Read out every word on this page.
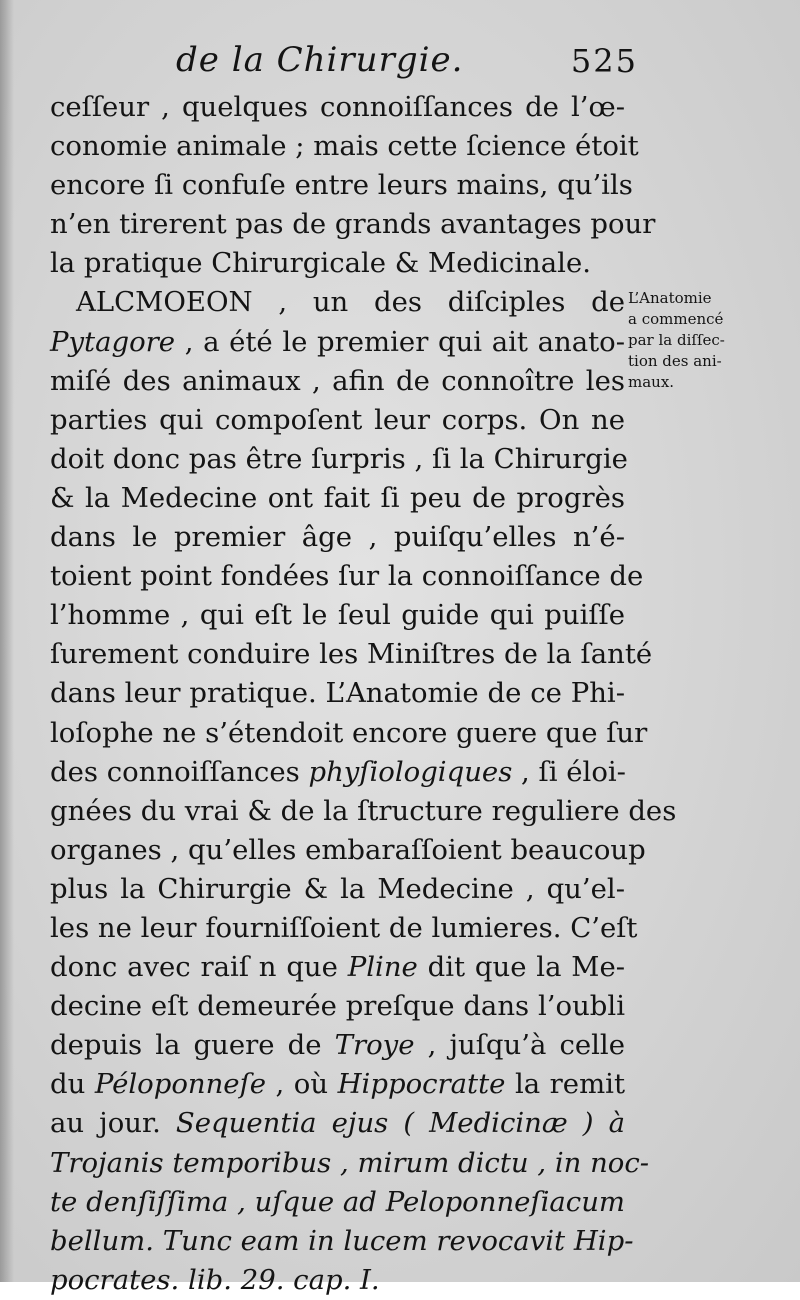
de la Chirurgie.	525
ceſſeur , quelques connoiſſances de l’œ-
conomie animale ; mais cette ſcience étoit
encore ſi confuſe entre leurs mains, qu’ils
n’en tirerent pas de grands avantages pour
la pratique Chirurgicale & Medicinale.
ALCMOEON , un des diſciples de
Pytagore , a été le premier qui ait anato-
miſé des animaux , afin de connoître les
parties qui compoſent leur corps. On ne
doit donc pas être ſurpris , ſi la Chirurgie
& la Medecine ont fait ſi peu de progrès
dans le premier âge , puiſqu’elles n’é-
toient point fondées ſur la connoiſſance de
l’homme , qui eſt le ſeul guide qui puiſſe
ſurement conduire les Miniſtres de la ſanté
dans leur pratique. L’Anatomie de ce Phi-
loſophe ne s’étendoit encore guere que ſur
des connoiſſances phyſiologiques , ſi éloi-
gnées du vrai & de la ſtructure reguliere des
organes , qu’elles embaraſſoient beaucoup
plus la Chirurgie & la Medecine , qu’el-
les ne leur fourniſſoient de lumieres. C’eſt
donc avec raiſ n que Pline dit que la Me-
decine eſt demeurée preſque dans l’oubli
depuis la guere de Troye , juſqu’à celle
du Péloponneſe , où Hippocratte la remit
au jour. Sequentia ejus ( Medicinæ ) à
Trojanis temporibus , mirum dictu , in noc-
te denſiſſima , uſque ad Peloponneſiacum
bellum. Tunc eam in lucem revocavit Hip-
pocrates. lib. 29. cap. I.
L’Anatomie
a commencé
par la diſſec-
tion des ani-
maux.
